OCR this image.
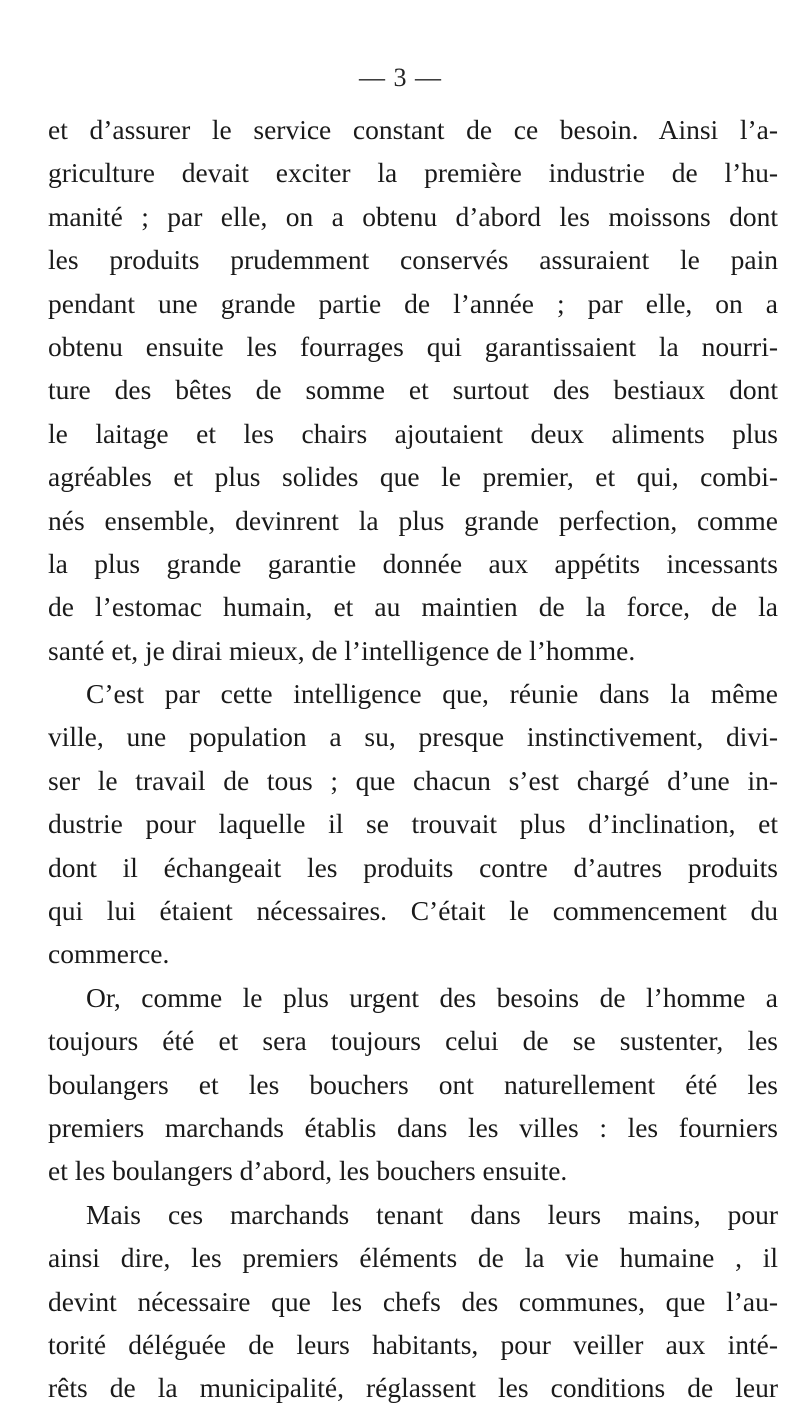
— 3 —
et d’assurer le service constant de ce besoin. Ainsi l’a-
griculture devait exciter la première industrie de l’hu-
manité ; par elle, on a obtenu d’abord les moissons dont
les produits prudemment conservés assuraient le pain
pendant une grande partie de l’année ; par elle, on a
obtenu ensuite les fourrages qui garantissaient la nourri-
ture des bêtes de somme et surtout des bestiaux dont
le laitage et les chairs ajoutaient deux aliments plus
agréables et plus solides que le premier, et qui, combi-
nés ensemble, devinrent la plus grande perfection, comme
la plus grande garantie donnée aux appétits incessants
de l’estomac humain, et au maintien de la force, de la
santé et, je dirai mieux, de l’intelligence de l’homme.
C’est par cette intelligence que, réunie dans la même
ville, une population a su, presque instinctivement, divi-
ser le travail de tous ; que chacun s’est chargé d’une in-
dustrie pour laquelle il se trouvait plus d’inclination, et
dont il échangeait les produits contre d’autres produits
qui lui étaient nécessaires. C’était le commencement du
commerce.
Or, comme le plus urgent des besoins de l’homme a
toujours été et sera toujours celui de se sustenter, les
boulangers et les bouchers ont naturellement été les
premiers marchands établis dans les villes : les fourniers
et les boulangers d’abord, les bouchers ensuite.
Mais ces marchands tenant dans leurs mains, pour
ainsi dire, les premiers éléments de la vie humaine , il
devint nécessaire que les chefs des communes, que l’au-
torité déléguée de leurs habitants, pour veiller aux inté-
rêts de la municipalité, réglassent les conditions de leur
